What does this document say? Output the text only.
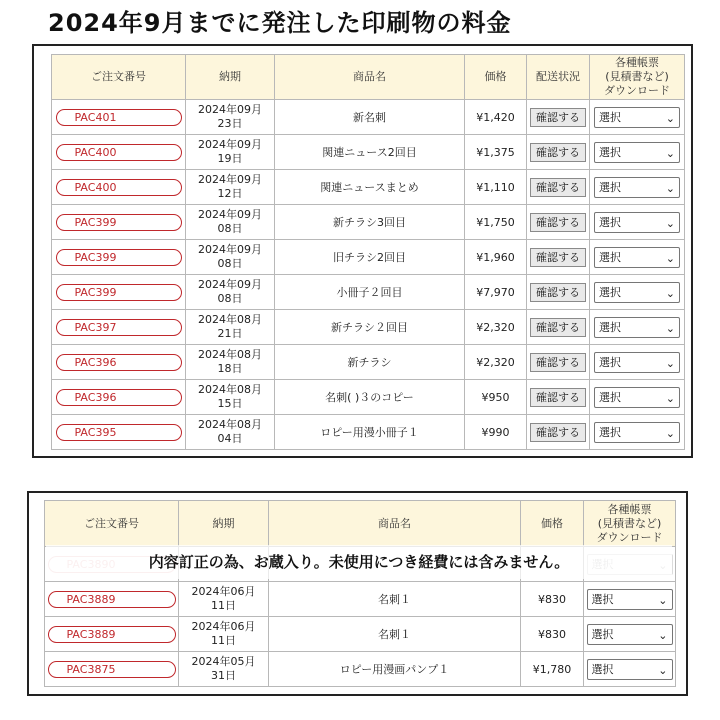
2024年9月までに発注した印刷物の料金
ご注文番号	納期	商品名	価格	配送状況	各種帳票
(見積書など)
ダウンロード
PAC401	2024年09月
23日	新名刺	¥1,420	確認する	選択 ⌄

PAC400	2024年09月
19日	関連ニュース2回目	¥1,375	確認する	選択 ⌄

PAC400	2024年09月
12日	関連ニュースまとめ	¥1,110	確認する	選択 ⌄

PAC399	2024年09月
08日	新チラシ3回目	¥1,750	確認する	選択 ⌄

PAC399	2024年09月
08日	旧チラシ2回目	¥1,960	確認する	選択 ⌄

PAC399	2024年09月
08日	小冊子２回目	¥7,970	確認する	選択 ⌄

PAC397	2024年08月
21日	新チラシ２回目	¥2,320	確認する	選択 ⌄

PAC396	2024年08月
18日	新チラシ	¥2,320	確認する	選択 ⌄

PAC396	2024年08月
15日	名刺( )３のコピー	¥950	確認する	選択 ⌄

PAC395	2024年08月
04日	ロピー用漫小冊子１	¥990	確認する	選択 ⌄
ご注文番号	納期	商品名	価格	各種帳票
(見積書など)
ダウンロード

PAC3889	2024年06月
11日	名刺１	¥830	選択 ⌄

PAC3889	2024年06月
11日	名刺１	¥830	選択 ⌄

PAC3875	2024年05月
31日	ロピー用漫画パンプ１	¥1,780	選択 ⌄

内容訂正の為、お蔵入り。未使用につき経費には含みません。
